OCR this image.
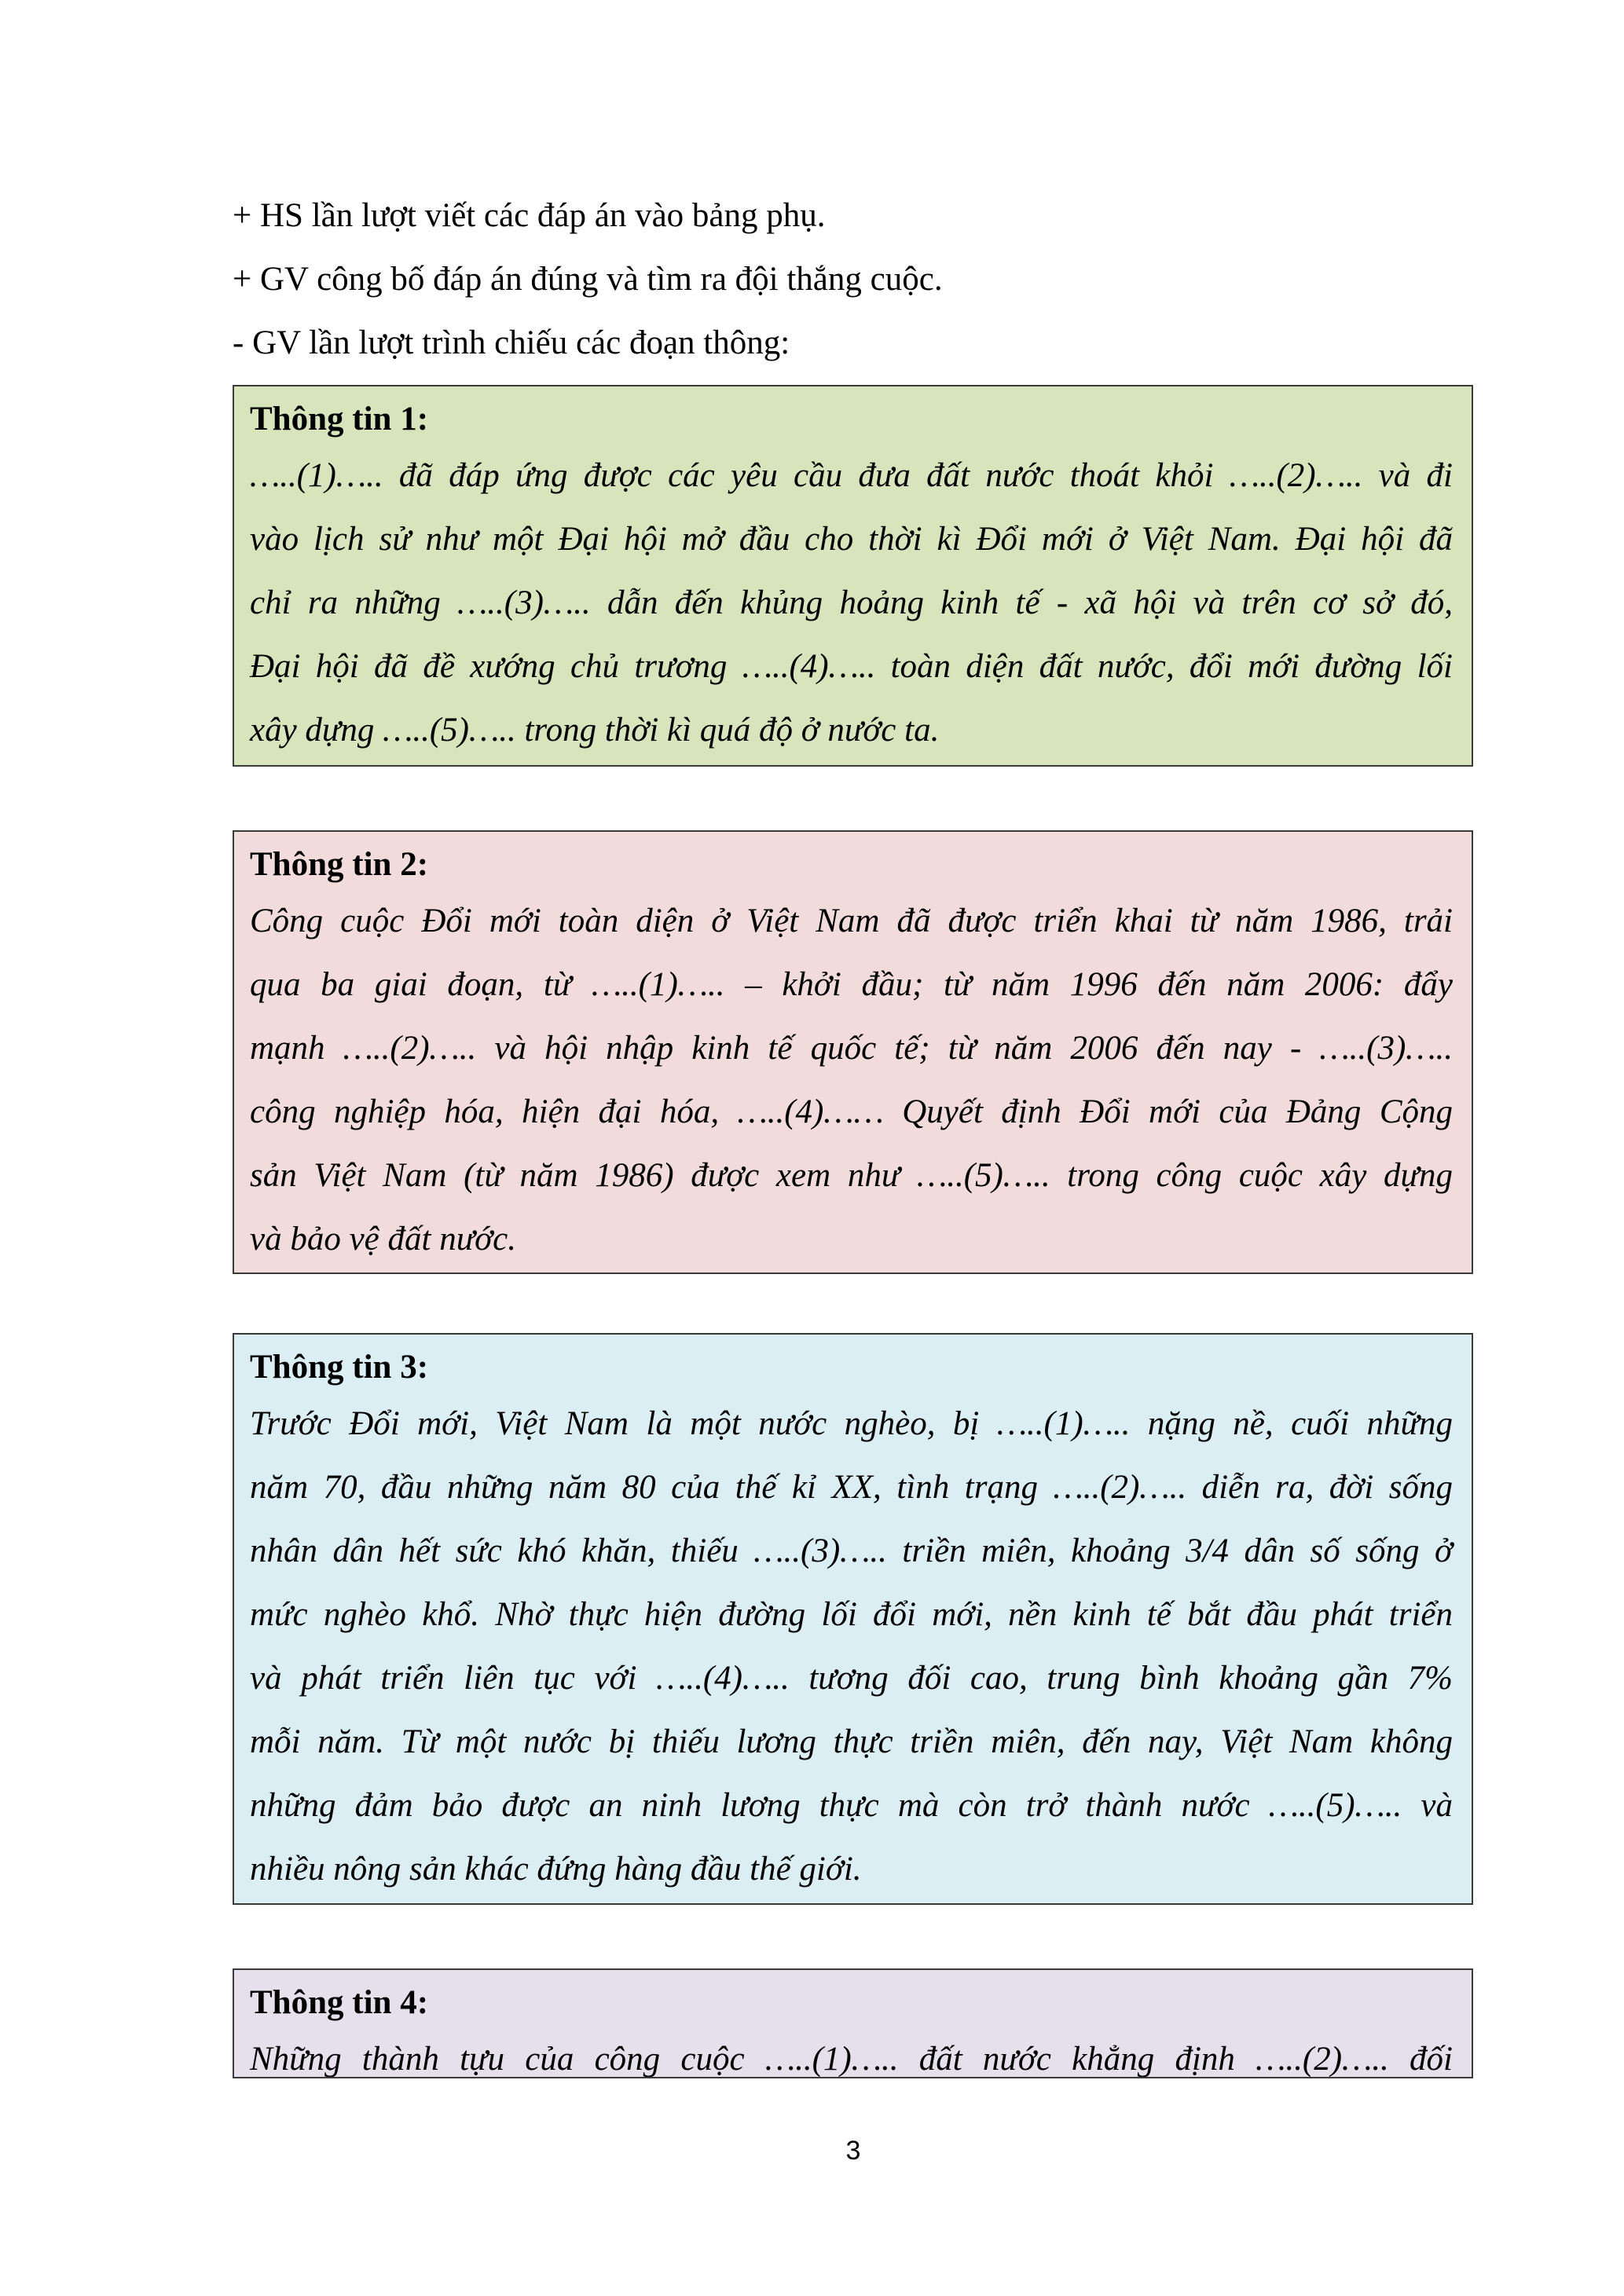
+ HS lần lượt viết các đáp án vào bảng phụ.
+ GV công bố đáp án đúng và tìm ra đội thắng cuộc.
- GV lần lượt trình chiếu các đoạn thông:
Thông tin 1:
…..(1)….. đã đáp ứng được các yêu cầu đưa đất nước thoát khỏi …..(2)….. và đi
vào lịch sử như một Đại hội mở đầu cho thời kì Đổi mới ở Việt Nam. Đại hội đã
chỉ ra những …..(3)….. dẫn đến khủng hoảng kinh tế - xã hội và trên cơ sở đó,
Đại hội đã đề xướng chủ trương …..(4)….. toàn diện đất nước, đổi mới đường lối
xây dựng …..(5)….. trong thời kì quá độ ở nước ta.
Thông tin 2:
Công cuộc Đổi mới toàn diện ở Việt Nam đã được triển khai từ năm 1986, trải
qua ba giai đoạn, từ …..(1)….. – khởi đầu; từ năm 1996 đến năm 2006: đẩy
mạnh …..(2)….. và hội nhập kinh tế quốc tế; từ năm 2006 đến nay - …..(3)…..
công nghiệp hóa, hiện đại hóa, …..(4)…… Quyết định Đổi mới của Đảng Cộng
sản Việt Nam (từ năm 1986) được xem như …..(5)….. trong công cuộc xây dựng
và bảo vệ đất nước.
Thông tin 3:
Trước Đổi mới, Việt Nam là một nước nghèo, bị …..(1)….. nặng nề, cuối những
năm 70, đầu những năm 80 của thế kỉ XX, tình trạng …..(2)….. diễn ra, đời sống
nhân dân hết sức khó khăn, thiếu …..(3)….. triền miên, khoảng 3/4 dân số sống ở
mức nghèo khổ. Nhờ thực hiện đường lối đổi mới, nền kinh tế bắt đầu phát triển
và phát triển liên tục với …..(4)….. tương đối cao, trung bình khoảng gần 7%
mỗi năm. Từ một nước bị thiếu lương thực triền miên, đến nay, Việt Nam không
những đảm bảo được an ninh lương thực mà còn trở thành nước …..(5)….. và
nhiều nông sản khác đứng hàng đầu thế giới.
Thông tin 4:
Những thành tựu của công cuộc …..(1)….. đất nước khẳng định …..(2)….. đối
3
